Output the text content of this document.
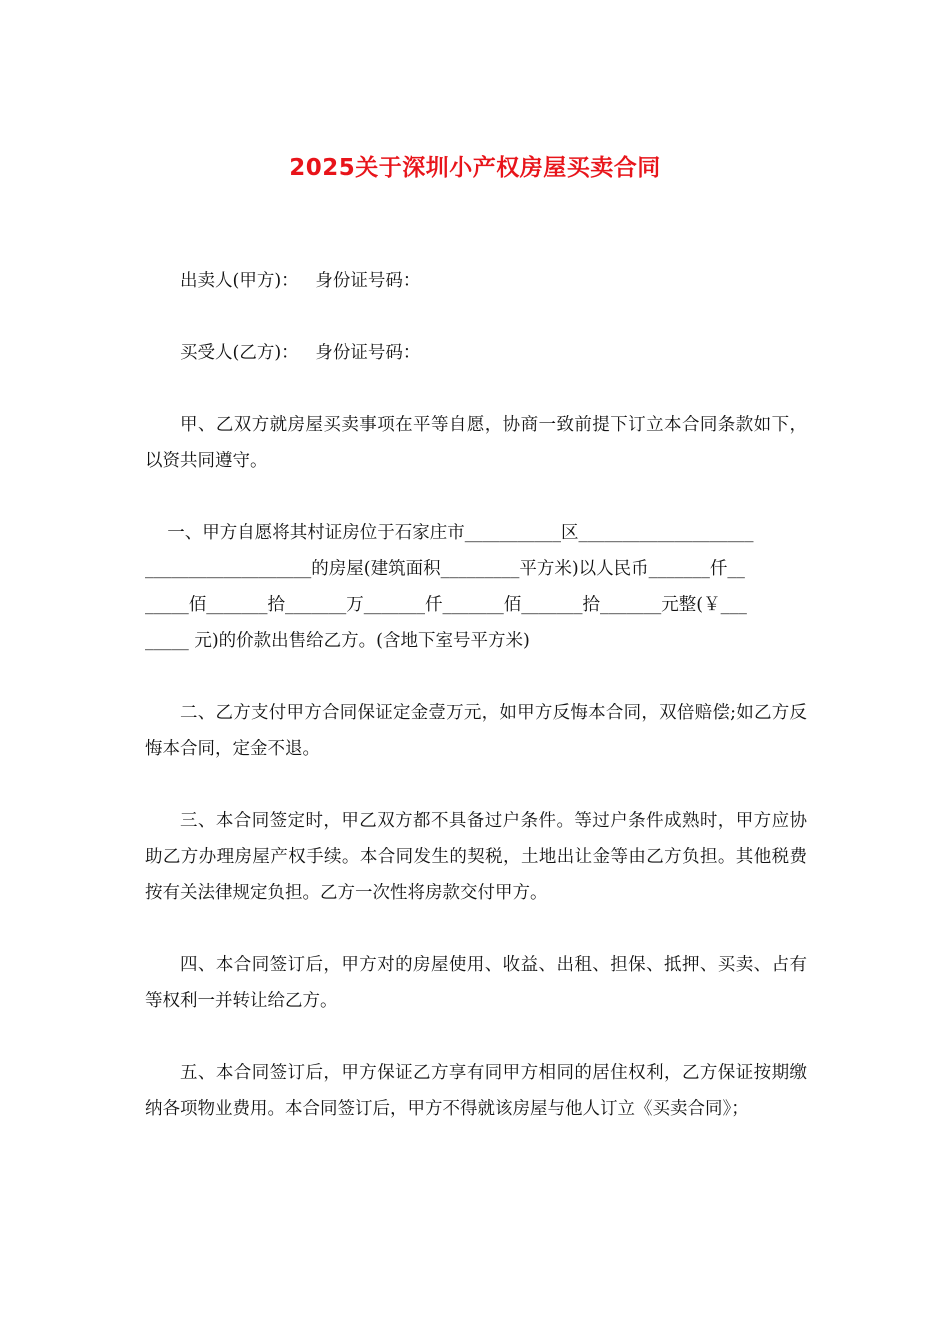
2025关于深圳小产权房屋买卖合同

出卖人(甲方)：   身份证号码：

买受人(乙方)：   身份证号码：

甲、乙双方就房屋买卖事项在平等自愿，协商一致前提下订立本合同条款如下，以资共同遵守。

一、甲方自愿将其村证房位于石家庄市___________区____________________
___________________的房屋(建筑面积_________平方米)以人民币_______仟__
_____佰_______拾_______万_______仟_______佰_______拾_______元整(￥___
_____ 元)的价款出售给乙方。(含地下室号平方米)

二、乙方支付甲方合同保证定金壹万元，如甲方反悔本合同，双倍赔偿;如乙方反悔本合同，定金不退。

三、本合同签定时，甲乙双方都不具备过户条件。等过户条件成熟时，甲方应协助乙方办理房屋产权手续。本合同发生的契税，土地出让金等由乙方负担。其他税费按有关法律规定负担。乙方一次性将房款交付甲方。

四、本合同签订后，甲方对的房屋使用、收益、出租、担保、抵押、买卖、占有等权利一并转让给乙方。

五、本合同签订后，甲方保证乙方享有同甲方相同的居住权利，乙方保证按期缴纳各项物业费用。本合同签订后，甲方不得就该房屋与他人订立《买卖合同》；
